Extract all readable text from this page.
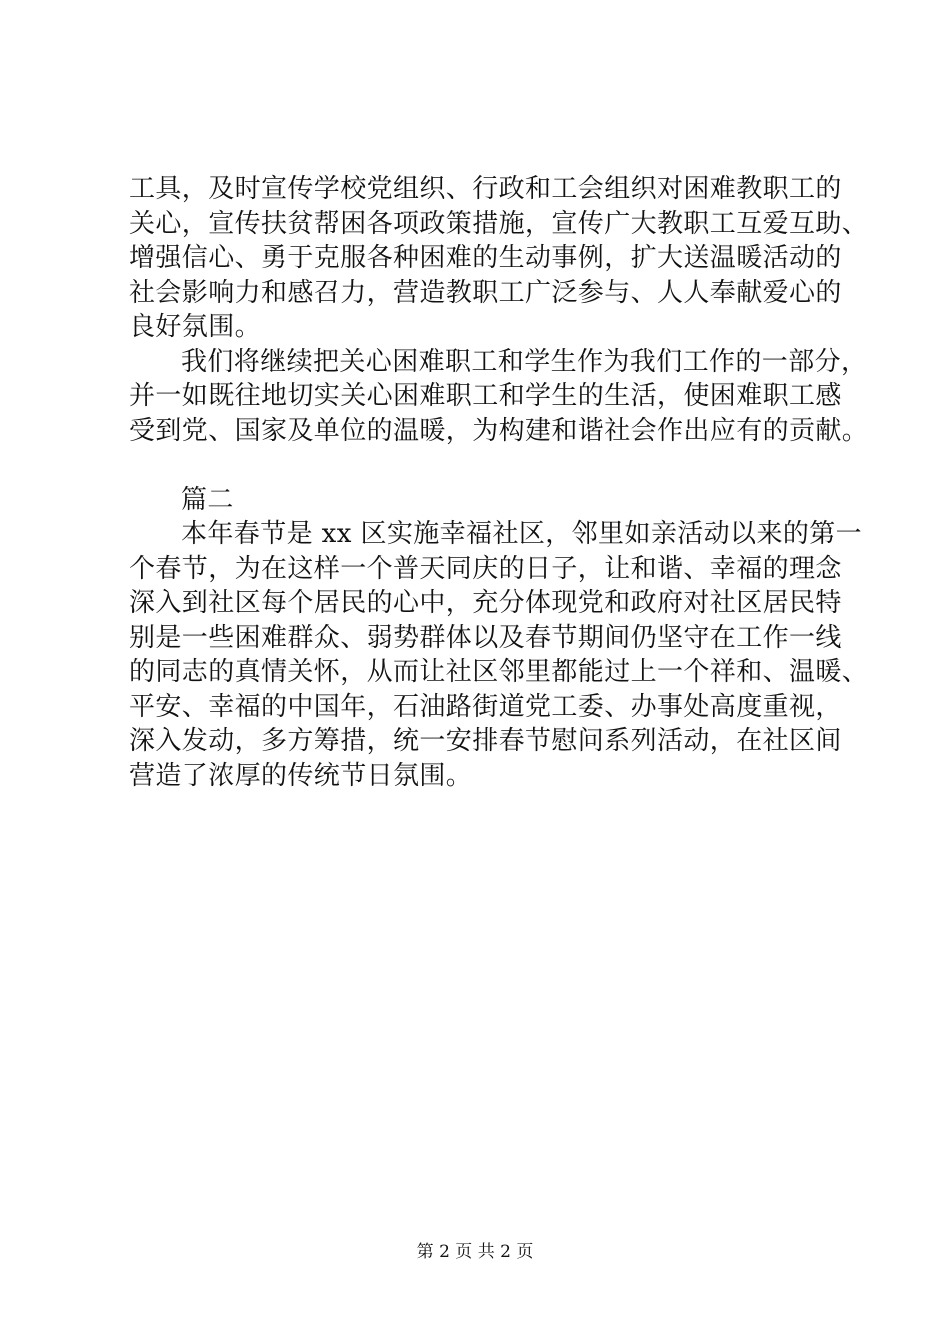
工具，及时宣传学校党组织、行政和工会组织对困难教职工的
关心，宣传扶贫帮困各项政策措施，宣传广大教职工互爱互助、
增强信心、勇于克服各种困难的生动事例，扩大送温暖活动的
社会影响力和感召力，营造教职工广泛参与、人人奉献爱心的
良好氛围。
我们将继续把关心困难职工和学生作为我们工作的一部分，
并一如既往地切实关心困难职工和学生的生活，使困难职工感
受到党、国家及单位的温暖，为构建和谐社会作出应有的贡献。
篇二
本年春节是 xx 区实施幸福社区，邻里如亲活动以来的第一
个春节，为在这样一个普天同庆的日子，让和谐、幸福的理念
深入到社区每个居民的心中，充分体现党和政府对社区居民特
别是一些困难群众、弱势群体以及春节期间仍坚守在工作一线
的同志的真情关怀，从而让社区邻里都能过上一个祥和、温暖、
平安、幸福的中国年，石油路街道党工委、办事处高度重视，
深入发动，多方筹措，统一安排春节慰问系列活动，在社区间
营造了浓厚的传统节日氛围。
第 2 页 共 2 页
